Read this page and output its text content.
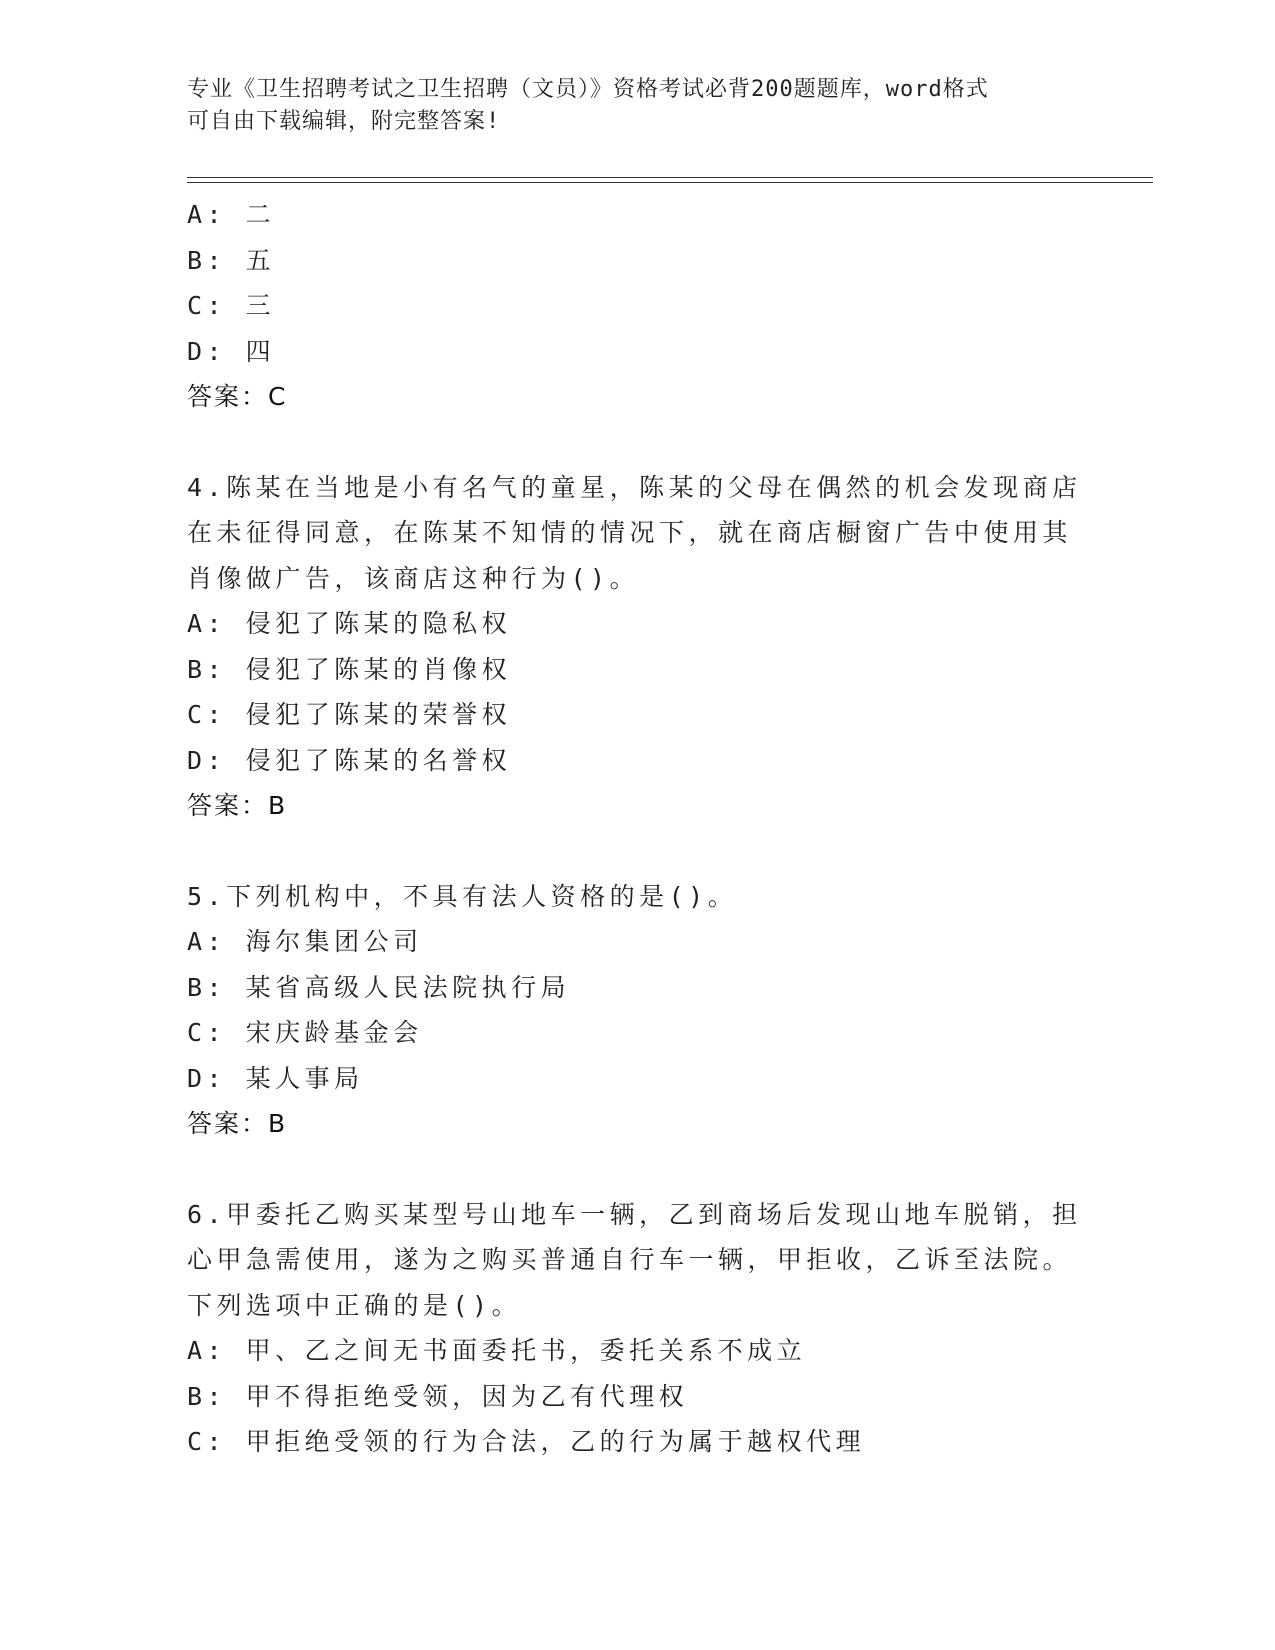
专业《卫生招聘考试之卫生招聘（文员）》资格考试必背200题题库，word格式
可自由下载编辑，附完整答案!
A: 二
B: 五
C: 三
D: 四
答案：C
4.陈某在当地是小有名气的童星，陈某的父母在偶然的机会发现商店
在未征得同意，在陈某不知情的情况下，就在商店橱窗广告中使用其
肖像做广告，该商店这种行为()。
A: 侵犯了陈某的隐私权
B: 侵犯了陈某的肖像权
C: 侵犯了陈某的荣誉权
D: 侵犯了陈某的名誉权
答案：B
5.下列机构中，不具有法人资格的是()。
A: 海尔集团公司
B: 某省高级人民法院执行局
C: 宋庆龄基金会
D: 某人事局
答案：B
6.甲委托乙购买某型号山地车一辆，乙到商场后发现山地车脱销，担
心甲急需使用，遂为之购买普通自行车一辆，甲拒收，乙诉至法院。
下列选项中正确的是()。
A: 甲、乙之间无书面委托书，委托关系不成立
B: 甲不得拒绝受领，因为乙有代理权
C: 甲拒绝受领的行为合法，乙的行为属于越权代理
